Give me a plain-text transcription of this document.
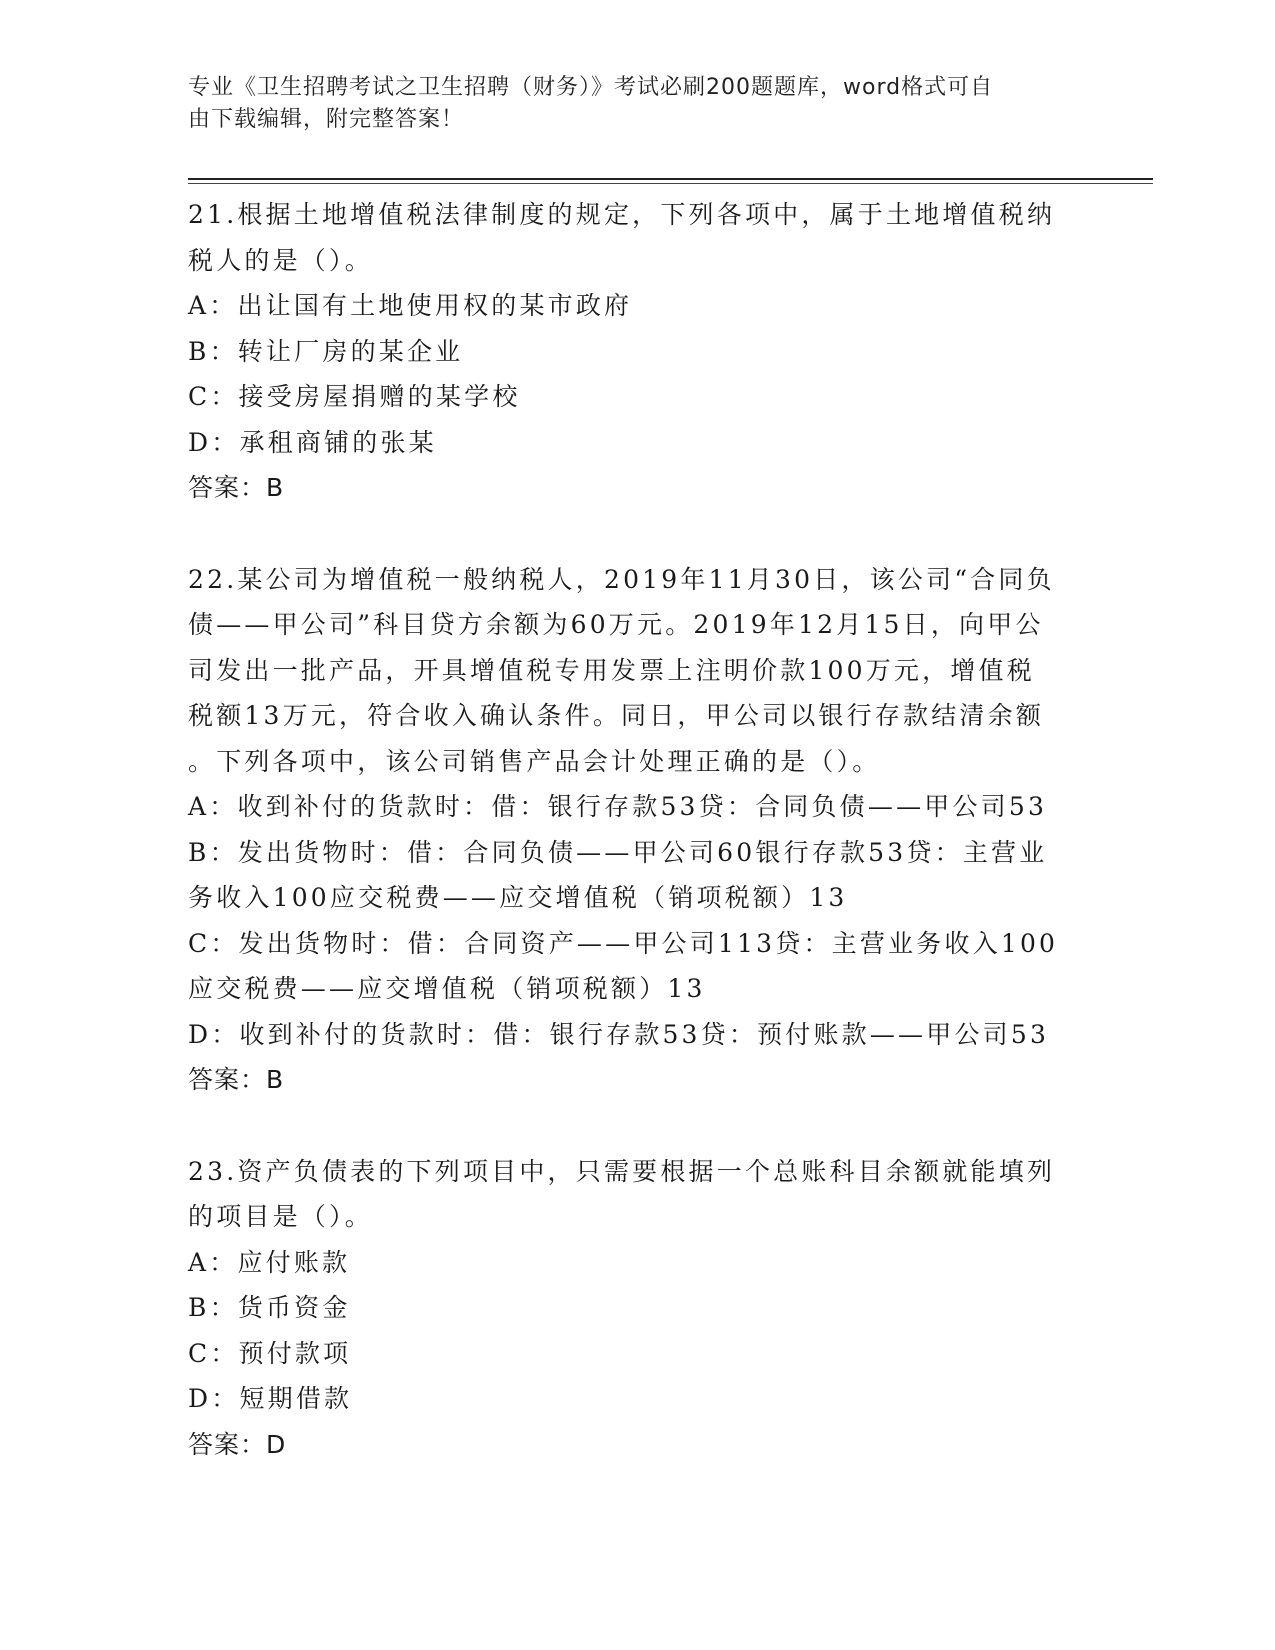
专业《卫生招聘考试之卫生招聘（财务）》考试必刷200题题库，word格式可自
由下载编辑，附完整答案！
21.根据土地增值税法律制度的规定，下列各项中，属于土地增值税纳
税人的是（）。
A：出让国有土地使用权的某市政府
B：转让厂房的某企业
C：接受房屋捐赠的某学校
D：承租商铺的张某
答案：B
22.某公司为增值税一般纳税人，2019年11月30日，该公司“合同负
债——甲公司”科目贷方余额为60万元。2019年12月15日，向甲公
司发出一批产品，开具增值税专用发票上注明价款100万元，增值税
税额13万元，符合收入确认条件。同日，甲公司以银行存款结清余额
。下列各项中，该公司销售产品会计处理正确的是（）。
A：收到补付的货款时：借：银行存款53贷：合同负债——甲公司53
B：发出货物时：借：合同负债——甲公司60银行存款53贷：主营业
务收入100应交税费——应交增值税（销项税额）13
C：发出货物时：借：合同资产——甲公司113贷：主营业务收入100
应交税费——应交增值税（销项税额）13
D：收到补付的货款时：借：银行存款53贷：预付账款——甲公司53
答案：B
23.资产负债表的下列项目中，只需要根据一个总账科目余额就能填列
的项目是（）。
A：应付账款
B：货币资金
C：预付款项
D：短期借款
答案：D
